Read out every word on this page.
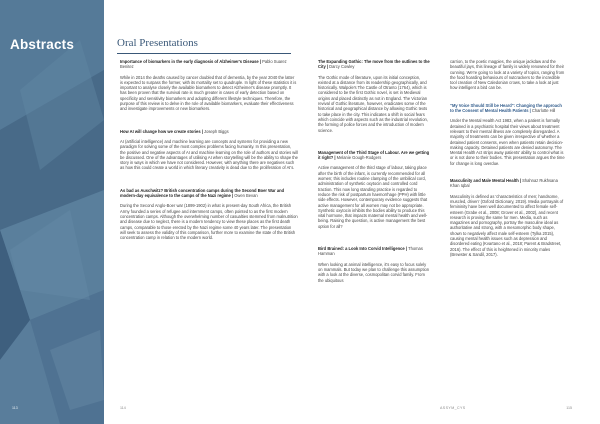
Abstracts
113
Oral Presentations

Importance of biomarkers in the early diagnosis of Alzheimer's Disease | Pablo Suarez Benitez

While in 2014 the deaths caused by cancer doubled that of dementia, by the year 2040 the latter is expected to surpass the former, with its mortality set to quadruple. In light of these statistics it is important to analyse closely the available biomarkers to detect Alzheimer's disease promptly. It has been proven that the survival rate is much greater in cases of early detection based on specificity and sensitivity biomarkers and adopting different lifestyle techniques. Therefore, the purpose of this review is to delve in the role of available biomarkers, evaluate their effectiveness and investigate improvements or new biomarkers.

How AI will change how we create stories | Joseph Biggs

AI (artificial intelligence) and machine learning are concepts and systems for providing a new paradigm for solving some of the most complex problems facing humanity. In this presentation, the positive and negative aspects of AI and machine learning on the role of authors and stories will be discussed. One of the advantages of utilising AI when storytelling will be the ability to shape the story in ways in which we have not considered. However, with anything there are negatives such as how this could create a world in which literary creativity is dead due to the proliferation of AI's.

As bad as Auschwitz? British concentration camps during the Second Boer War and modern-day equivalence to the camps of the Nazi regime | Owen Bevan

During the Second Anglo-Boer war (1899-1902) in what is present-day South Africa, the British Army founded a series of refugee and internment camps, often pointed to as the first modern concentration camps. Although the overwhelming number of casualties stemmed from malnutrition and disease due to neglect, there is a modern tendency to view these places as the first death camps, comparable to those erected by the Nazi regime some 40 years later. The presentation will seek to assess the validity of this comparison, further more to examine the state of the British concentration camp in relation to the modern world.

The Expanding Gothic: The move from the outlines to the City | Darcy Cowley

The Gothic mode of literature, upon its initial conception, existed at a distance from its readership geographically, and historically. Walpole's The Castle of Otranto (1764), which is considered to be the first Gothic novel, is set in Medieval origins and placed distinctly as not in England. The Victorian revival of Gothic literature, however, eradicates some of the historical and geographical distance by allowing Gothic texts to take place in the city. This indicates a shift in social fears which coincide with aspects such as the industrial revolution, the forming of police forces and the introduction of modern science.

Management of the Third Stage of Labour. Are we getting it right? | Melanie Gough-Rodgers

Active management of the third stage of labour, taking place after the birth of the infant, is currently recommended for all women; this includes routine clamping of the umbilical cord, administration of synthetic oxytocin and controlled cord traction. This now long standing practice is regarded to reduce the risk of postpartum haemorrhage (PPH) with little side effects. However, contemporary evidence suggests that active management for all women may not be appropriate. Synthetic oxytocin inhibits the bodies ability to produce this vital hormone, that impacts maternal mental health and well-being. Raising the question, is active management the best option for all?

Bird Brained: a Look Into Corvid Intelligence | Thomas Hamman

When looking at animal intelligence, it's easy to focus solely on mammals. But today we plan to challenge this assumption with a look at the diverse, cosmopolitan corvid family. From the ubiquitous

carrion, to the poetic magpies, the unique jackdaw and the beautiful jays, this lineage of family is widely renowned for their cunning. We're going to look at a variety of topics, ranging from the food hoarding behaviours of nutcrackers to the incredible tool creation of New Caledonian crows, to take a look at just how intelligent a bird can be.

"My Voice Should Still be Heard": Changing the approach to the Consent of Mental Health Patients | Charlotte Hill

Under the Mental Health Act 1983, when a patient is formally detained in a psychiatric hospital their views about treatment relevant to their mental illness are completely disregarded. A majority of treatments can be given irrespective of whether a detained patient consents, even when patients retain decision-making capacity. Detained patients are denied autonomy. The Mental Health Act strips away patients' ability to control what is or is not done to their bodies. This presentation argues the time for change is long overdue.

Masculinity and Male Mental Health | Shahnaz Rukhsana Khan Iqbal

Masculinity is defined as 'characteristics of men; handsome, muscled, driven' (Oxford Dictionary, 2019). Media portrayals of femininity have been well documented to affect female self-esteem (Grabe et al., 2008; Grover et al., 2002), and recent research is proving the same for men. Media, such as magazines and pornography, portray the masculine ideal as authoritative and strong, with a mesomorphic body shape, shown to negatively affect male self-esteem (Tylka 2015), causing mental health issues such as depression and disordered eating (Kvartano et al., 2018; Parent & Bradstreet, 2016). The effect of this is heightened in minority males (Brewster & Sandil, 2017).

114	ASSYM_CYS	115
